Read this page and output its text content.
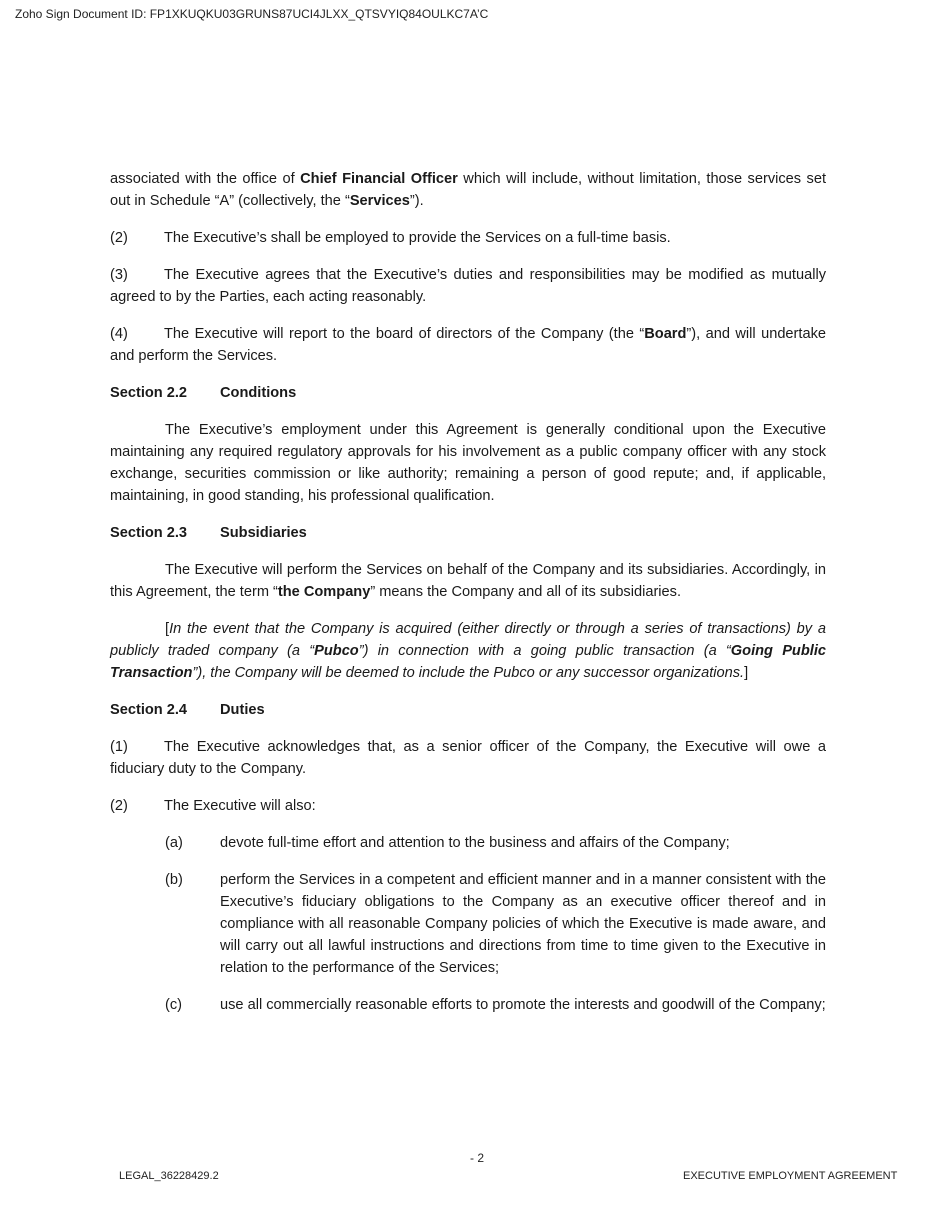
Zoho Sign Document ID: FP1XKUQKU03GRUNS87UCI4JLXX_QTSVYIQ84OULKC7A’C

associated with the office of Chief Financial Officer which will include, without limitation, those services set out in Schedule “A” (collectively, the “Services”).

(2) The Executive’s shall be employed to provide the Services on a full-time basis.

(3) The Executive agrees that the Executive’s duties and responsibilities may be modified as mutually agreed to by the Parties, each acting reasonably.

(4) The Executive will report to the board of directors of the Company (the “Board”), and will undertake and perform the Services.

Section 2.2 Conditions

The Executive’s employment under this Agreement is generally conditional upon the Executive maintaining any required regulatory approvals for his involvement as a public company officer with any stock exchange, securities commission or like authority; remaining a person of good repute; and, if applicable, maintaining, in good standing, his professional qualification.

Section 2.3 Subsidiaries

The Executive will perform the Services on behalf of the Company and its subsidiaries. Accordingly, in this Agreement, the term “the Company” means the Company and all of its subsidiaries.

[In the event that the Company is acquired (either directly or through a series of transactions) by a publicly traded company (a “Pubco”) in connection with a going public transaction (a “Going Public Transaction”), the Company will be deemed to include the Pubco or any successor organizations.]

Section 2.4 Duties

(1) The Executive acknowledges that, as a senior officer of the Company, the Executive will owe a fiduciary duty to the Company.

(2) The Executive will also:

(a)	devote full-time effort and attention to the business and affairs of the Company;
(b)	perform the Services in a competent and efficient manner and in a manner consistent with the Executive’s fiduciary obligations to the Company as an executive officer thereof and in compliance with all reasonable Company policies of which the Executive is made aware, and will carry out all lawful instructions and directions from time to time given to the Executive in relation to the performance of the Services;
(c)	use all commercially reasonable efforts to promote the interests and goodwill of the Company;
- 2
LEGAL_36228429.2	EXECUTIVE EMPLOYMENT AGREEMENT
